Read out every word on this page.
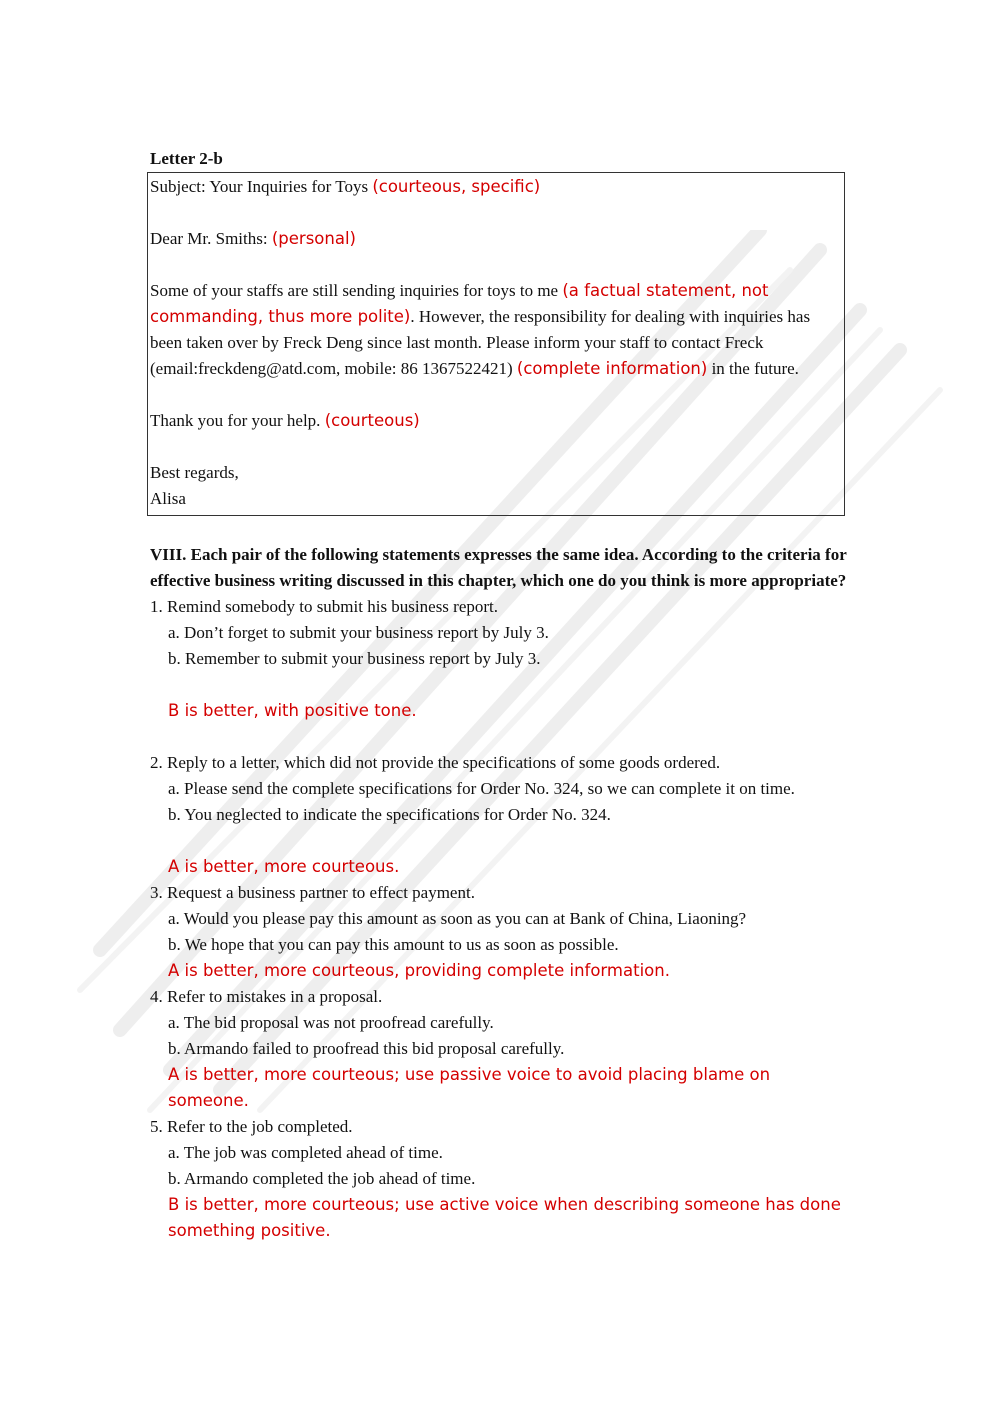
Letter 2-b

Subject: Your Inquiries for Toys (courteous, specific)

Dear Mr. Smiths: (personal)

Some of your staffs are still sending inquiries for toys to me (a factual statement, not commanding, thus more polite). However, the responsibility for dealing with inquiries has been taken over by Freck Deng since last month. Please inform your staff to contact Freck (email:freckdeng@atd.com, mobile: 86 1367522421) (complete information) in the future.

Thank you for your help. (courteous)

Best regards,

Alisa

VIII. Each pair of the following statements expresses the same idea. According to the criteria for effective business writing discussed in this chapter, which one do you think is more appropriate?

1. Remind somebody to submit his business report.

a. Don’t forget to submit your business report by July 3.

b. Remember to submit your business report by July 3.

B is better, with positive tone.

2. Reply to a letter, which did not provide the specifications of some goods ordered.

a. Please send the complete specifications for Order No. 324, so we can complete it on time.

b. You neglected to indicate the specifications for Order No. 324.

A is better, more courteous.

3. Request a business partner to effect payment.

a. Would you please pay this amount as soon as you can at Bank of China, Liaoning?

b. We hope that you can pay this amount to us as soon as possible.

A is better, more courteous, providing complete information.

4. Refer to mistakes in a proposal.

a. The bid proposal was not proofread carefully.

b. Armando failed to proofread this bid proposal carefully.

A is better, more courteous; use passive voice to avoid placing blame on someone.

5. Refer to the job completed.

a. The job was completed ahead of time.

b. Armando completed the job ahead of time.

B is better, more courteous; use active voice when describing someone has done something positive.
